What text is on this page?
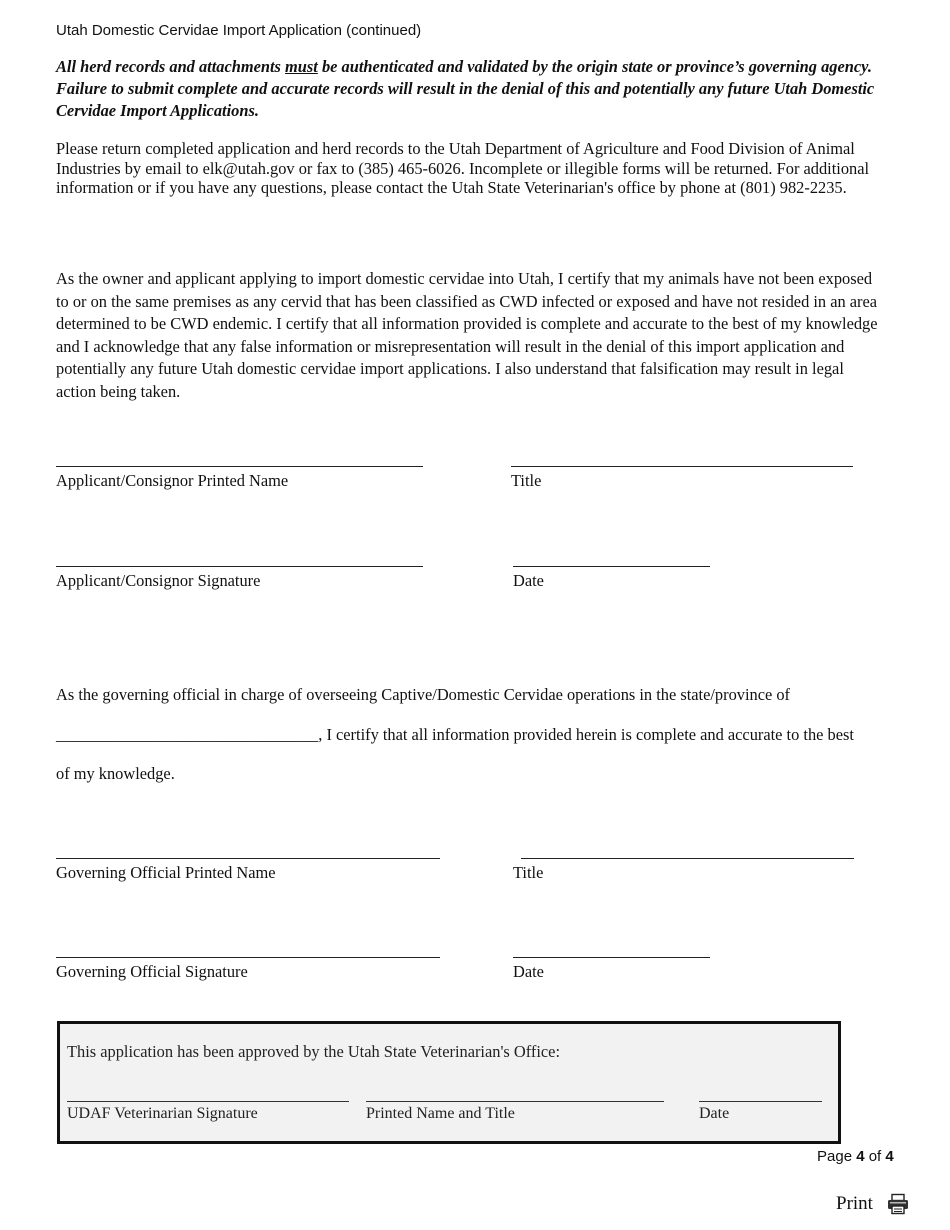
Utah Domestic Cervidae Import Application (continued)
All herd records and attachments must be authenticated and validated by the origin state or province’s governing agency. Failure to submit complete and accurate records will result in the denial of this and potentially any future Utah Domestic Cervidae Import Applications.
Please return completed application and herd records to the Utah Department of Agriculture and Food Division of Animal Industries by email to elk@utah.gov or fax to (385) 465-6026. Incomplete or illegible forms will be returned. For additional information or if you have any questions, please contact the Utah State Veterinarian's office by phone at (801) 982-2235.
As the owner and applicant applying to import domestic cervidae into Utah, I certify that my animals have not been exposed to or on the same premises as any cervid that has been classified as CWD infected or exposed and have not resided in an area determined to be CWD endemic. I certify that all information provided is complete and accurate to the best of my knowledge and I acknowledge that any false information or misrepresentation will result in the denial of this import application and potentially any future Utah domestic cervidae import applications. I also understand that falsification may result in legal action being taken.
Applicant/Consignor Printed Name	Title
Applicant/Consignor Signature	Date
As the governing official in charge of overseeing Captive/Domestic Cervidae operations in the state/province of
________________________________, I certify that all information provided herein is complete and accurate to the best
of my knowledge.
Governing Official Printed Name	Title
Governing Official Signature	Date
This application has been approved by the Utah State Veterinarian's Office:
UDAF Veterinarian Signature	Printed Name and Title	Date
Page 4 of 4
Print
